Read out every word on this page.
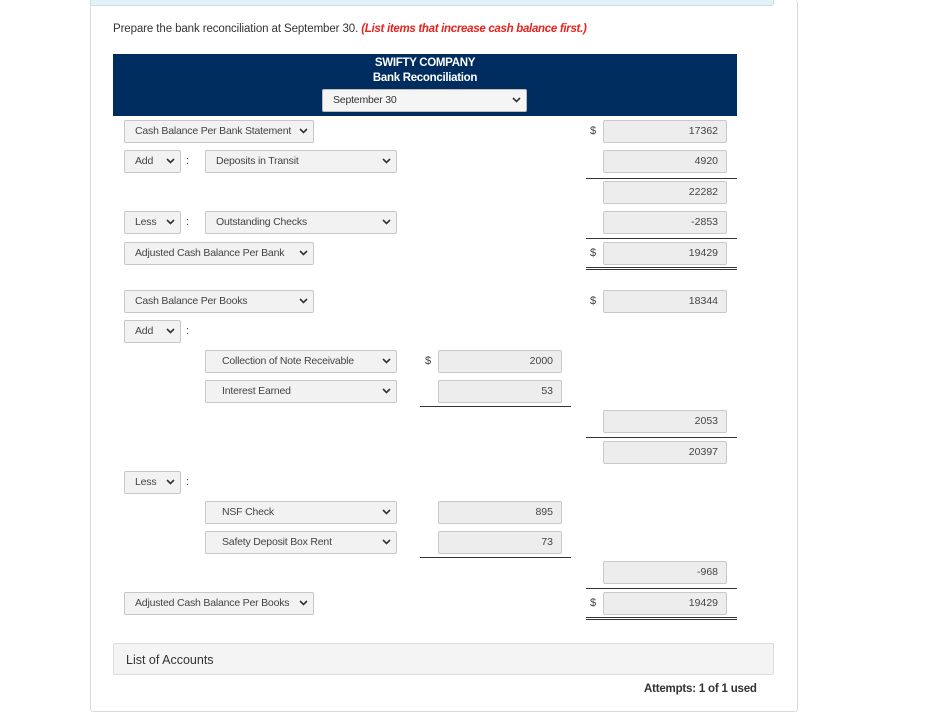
Prepare the bank reconciliation at September 30. (List items that increase cash balance first.)
SWIFTY COMPANY
Bank Reconciliation
September 30
Cash Balance Per Bank Statement	$	17362
Add	:	Deposits in Transit	4920
22282
Less	:	Outstanding Checks	-2853
Adjusted Cash Balance Per Bank	$	19429
Cash Balance Per Books	$	18344
Add	:
Collection of Note Receivable	$	2000
Interest Earned	53
2053
20397
Less	:
NSF Check	895
Safety Deposit Box Rent	73
-968
Adjusted Cash Balance Per Books	$	19429
List of Accounts
Attempts: 1 of 1 used
